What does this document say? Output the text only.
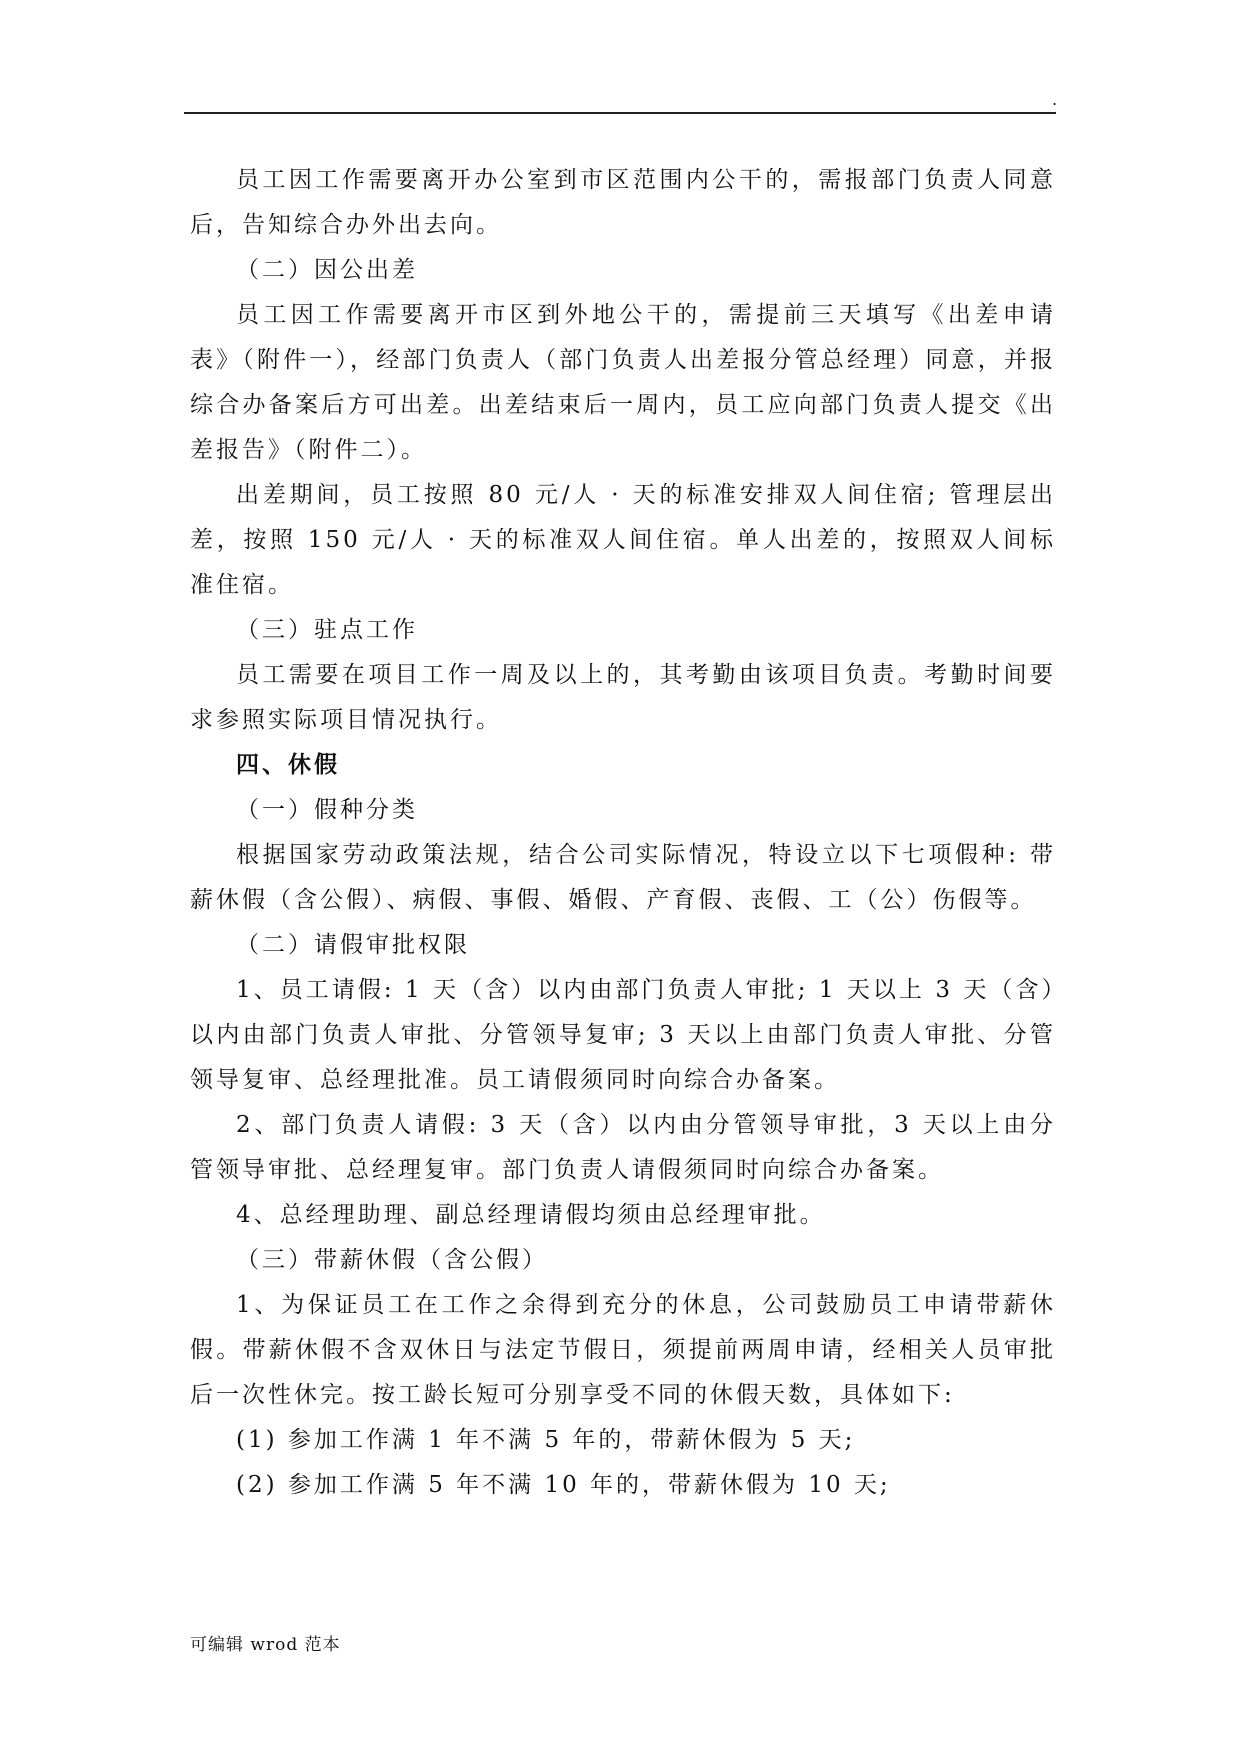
.

员工因工作需要离开办公室到市区范围内公干的，需报部门负责人同意后，告知综合办外出去向。

（二）因公出差

员工因工作需要离开市区到外地公干的，需提前三天填写《出差申请表》（附件一），经部门负责人（部门负责人出差报分管总经理）同意，并报综合办备案后方可出差。出差结束后一周内，员工应向部门负责人提交《出差报告》（附件二）。

出差期间，员工按照 80 元/人 · 天的标准安排双人间住宿; 管理层出差，按照 150 元/人 · 天的标准双人间住宿。单人出差的，按照双人间标准住宿。

（三）驻点工作

员工需要在项目工作一周及以上的，其考勤由该项目负责。考勤时间要求参照实际项目情况执行。

四、休假

（一）假种分类

根据国家劳动政策法规，结合公司实际情况，特设立以下七项假种: 带薪休假（含公假）、病假、事假、婚假、产育假、丧假、工（公）伤假等。

（二）请假审批权限

1、员工请假: 1 天（含）以内由部门负责人审批; 1 天以上 3 天（含）以内由部门负责人审批、分管领导复审; 3 天以上由部门负责人审批、分管领导复审、总经理批准。员工请假须同时向综合办备案。

2、部门负责人请假: 3 天（含）以内由分管领导审批，3 天以上由分管领导审批、总经理复审。部门负责人请假须同时向综合办备案。

4、总经理助理、副总经理请假均须由总经理审批。

（三）带薪休假（含公假）

1、为保证员工在工作之余得到充分的休息，公司鼓励员工申请带薪休假。带薪休假不含双休日与法定节假日，须提前两周申请，经相关人员审批后一次性休完。按工龄长短可分别享受不同的休假天数，具体如下:

(1) 参加工作满 1 年不满 5 年的，带薪休假为 5 天;

(2) 参加工作满 5 年不满 10 年的，带薪休假为 10 天;

可编辑 wrod 范本
